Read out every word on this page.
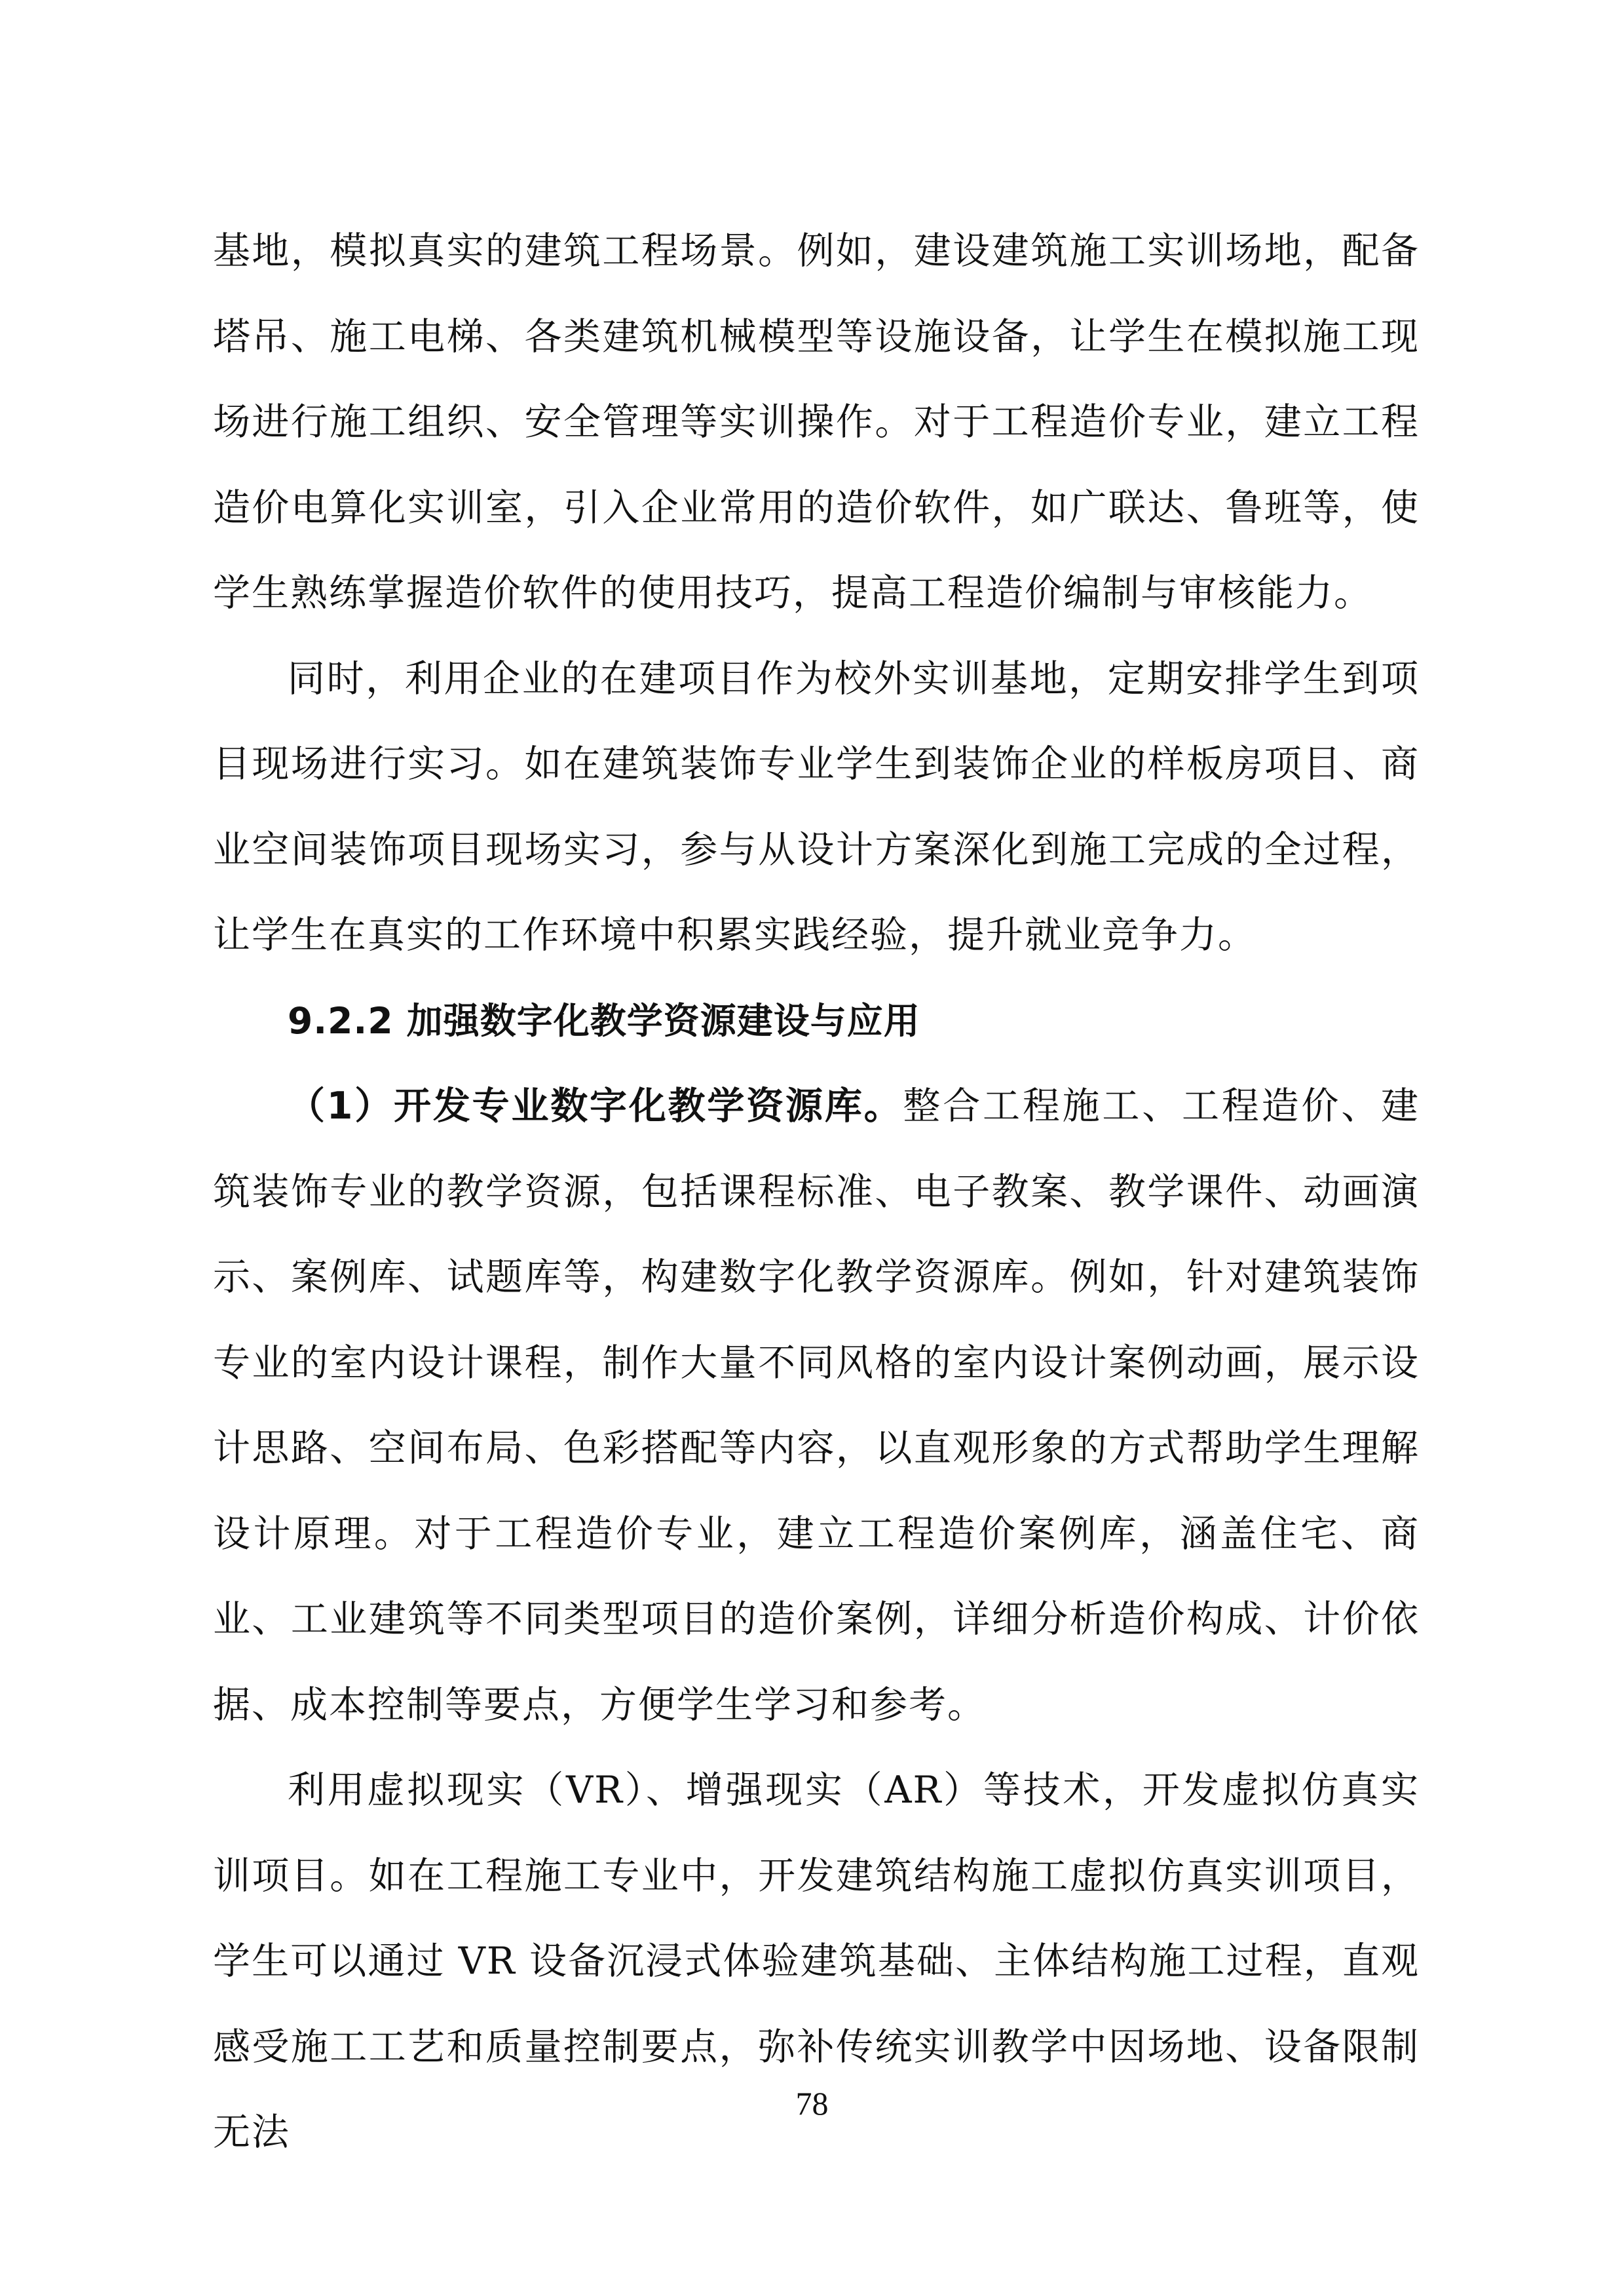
基地，模拟真实的建筑工程场景。例如，建设建筑施工实训场地，配备塔吊、施工电梯、各类建筑机械模型等设施设备，让学生在模拟施工现场进行施工组织、安全管理等实训操作。对于工程造价专业，建立工程造价电算化实训室，引入企业常用的造价软件，如广联达、鲁班等，使学生熟练掌握造价软件的使用技巧，提高工程造价编制与审核能力。

同时，利用企业的在建项目作为校外实训基地，定期安排学生到项目现场进行实习。如在建筑装饰专业学生到装饰企业的样板房项目、商业空间装饰项目现场实习，参与从设计方案深化到施工完成的全过程，让学生在真实的工作环境中积累实践经验，提升就业竞争力。

9.2.2 加强数字化教学资源建设与应用

（1）开发专业数字化教学资源库。整合工程施工、工程造价、建筑装饰专业的教学资源，包括课程标准、电子教案、教学课件、动画演示、案例库、试题库等，构建数字化教学资源库。例如，针对建筑装饰专业的室内设计课程，制作大量不同风格的室内设计案例动画，展示设计思路、空间布局、色彩搭配等内容，以直观形象的方式帮助学生理解设计原理。对于工程造价专业，建立工程造价案例库，涵盖住宅、商业、工业建筑等不同类型项目的造价案例，详细分析造价构成、计价依据、成本控制等要点，方便学生学习和参考。

利用虚拟现实（VR）、增强现实（AR）等技术，开发虚拟仿真实训项目。如在工程施工专业中，开发建筑结构施工虚拟仿真实训项目，学生可以通过 VR 设备沉浸式体验建筑基础、主体结构施工过程，直观感受施工工艺和质量控制要点，弥补传统实训教学中因场地、设备限制无法

78
